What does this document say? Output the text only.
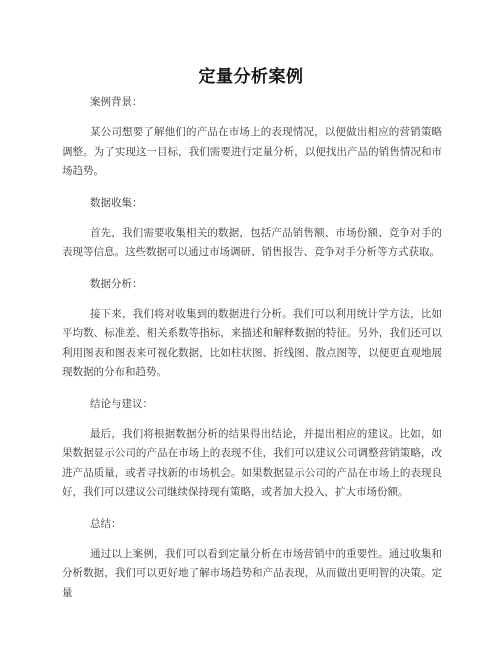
定量分析案例
案例背景：
某公司想要了解他们的产品在市场上的表现情况，以便做出相应的营销策略调整。为了实现这一目标，我们需要进行定量分析，以便找出产品的销售情况和市场趋势。
数据收集：
首先，我们需要收集相关的数据，包括产品销售额、市场份额、竞争对手的表现等信息。这些数据可以通过市场调研、销售报告、竞争对手分析等方式获取。
数据分析：
接下来，我们将对收集到的数据进行分析。我们可以利用统计学方法，比如平均数、标准差、相关系数等指标，来描述和解释数据的特征。另外，我们还可以利用图表和图表来可视化数据，比如柱状图、折线图、散点图等，以便更直观地展现数据的分布和趋势。
结论与建议：
最后，我们将根据数据分析的结果得出结论，并提出相应的建议。比如，如果数据显示公司的产品在市场上的表现不佳，我们可以建议公司调整营销策略，改进产品质量，或者寻找新的市场机会。如果数据显示公司的产品在市场上的表现良好，我们可以建议公司继续保持现有策略，或者加大投入，扩大市场份额。
总结：
通过以上案例，我们可以看到定量分析在市场营销中的重要性。通过收集和分析数据，我们可以更好地了解市场趋势和产品表现，从而做出更明智的决策。定量
